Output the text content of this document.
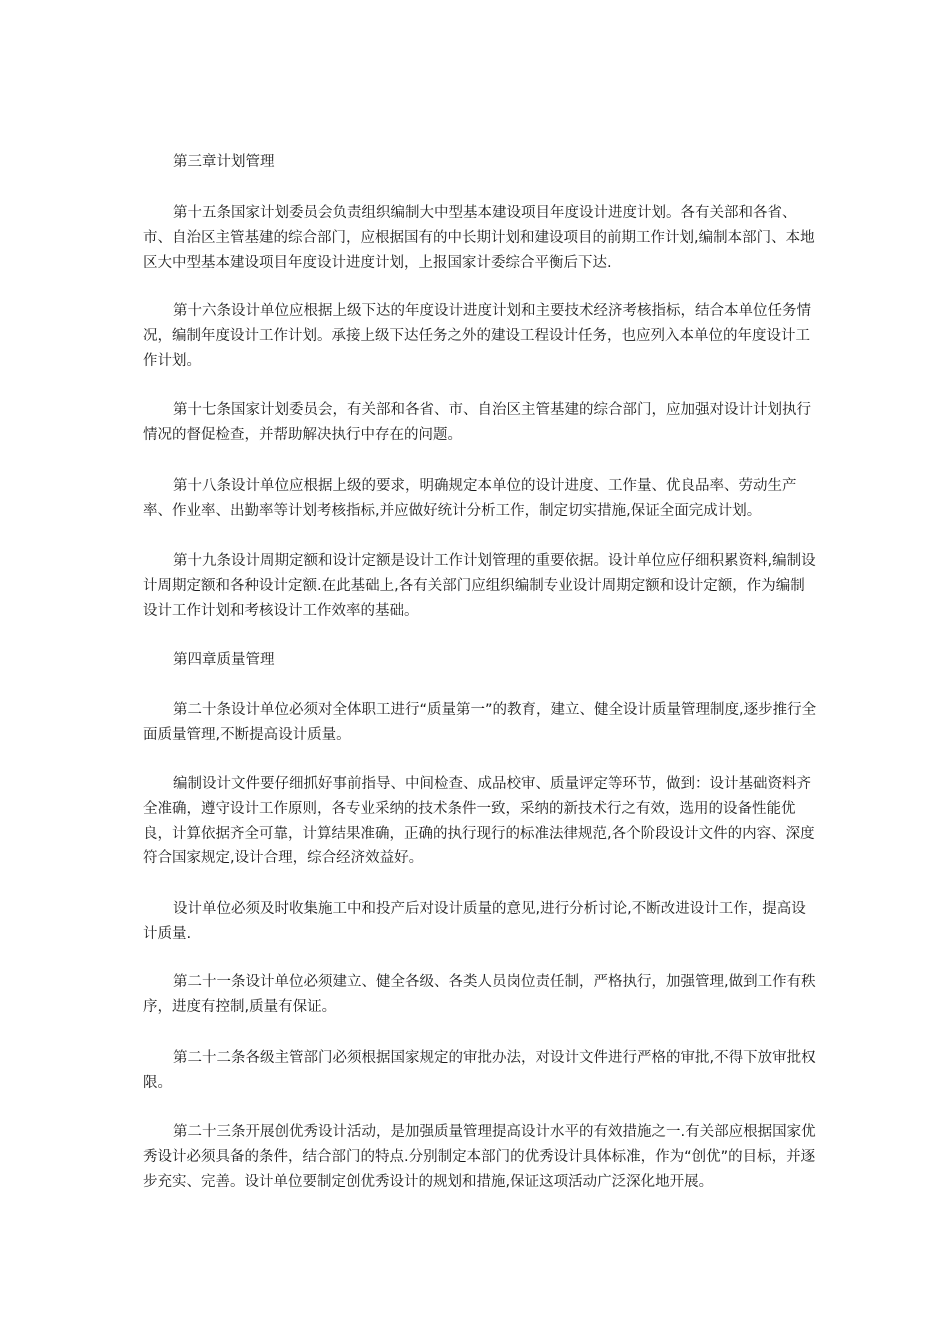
第三章计划管理

第十五条国家计划委员会负责组织编制大中型基本建设项目年度设计进度计划。各有关部和各省、市、自治区主管基建的综合部门，应根据国有的中长期计划和建设项目的前期工作计划,编制本部门、本地区大中型基本建设项目年度设计进度计划，上报国家计委综合平衡后下达.

第十六条设计单位应根据上级下达的年度设计进度计划和主要技术经济考核指标，结合本单位任务情况，编制年度设计工作计划。承接上级下达任务之外的建设工程设计任务，也应列入本单位的年度设计工作计划。

第十七条国家计划委员会，有关部和各省、市、自治区主管基建的综合部门，应加强对设计计划执行情况的督促检查，并帮助解决执行中存在的问题。

第十八条设计单位应根据上级的要求，明确规定本单位的设计进度、工作量、优良品率、劳动生产率、作业率、出勤率等计划考核指标,并应做好统计分析工作，制定切实措施,保证全面完成计划。

第十九条设计周期定额和设计定额是设计工作计划管理的重要依据。设计单位应仔细积累资料,编制设计周期定额和各种设计定额.在此基础上,各有关部门应组织编制专业设计周期定额和设计定额，作为编制设计工作计划和考核设计工作效率的基础。

第四章质量管理

第二十条设计单位必须对全体职工进行“质量第一”的教育，建立、健全设计质量管理制度,逐步推行全面质量管理,不断提高设计质量。

编制设计文件要仔细抓好事前指导、中间检查、成品校审、质量评定等环节，做到：设计基础资料齐全准确，遵守设计工作原则，各专业采纳的技术条件一致，采纳的新技术行之有效，选用的设备性能优良，计算依据齐全可靠，计算结果准确，正确的执行现行的标准法律规范,各个阶段设计文件的内容、深度符合国家规定,设计合理，综合经济效益好。

设计单位必须及时收集施工中和投产后对设计质量的意见,进行分析讨论,不断改进设计工作，提高设计质量.

第二十一条设计单位必须建立、健全各级、各类人员岗位责任制，严格执行，加强管理,做到工作有秩序，进度有控制,质量有保证。

第二十二条各级主管部门必须根据国家规定的审批办法，对设计文件进行严格的审批,不得下放审批权限。

第二十三条开展创优秀设计活动，是加强质量管理提高设计水平的有效措施之一.有关部应根据国家优秀设计必须具备的条件，结合部门的特点.分别制定本部门的优秀设计具体标准，作为“创优”的目标，并逐步充实、完善。设计单位要制定创优秀设计的规划和措施,保证这项活动广泛深化地开展。
